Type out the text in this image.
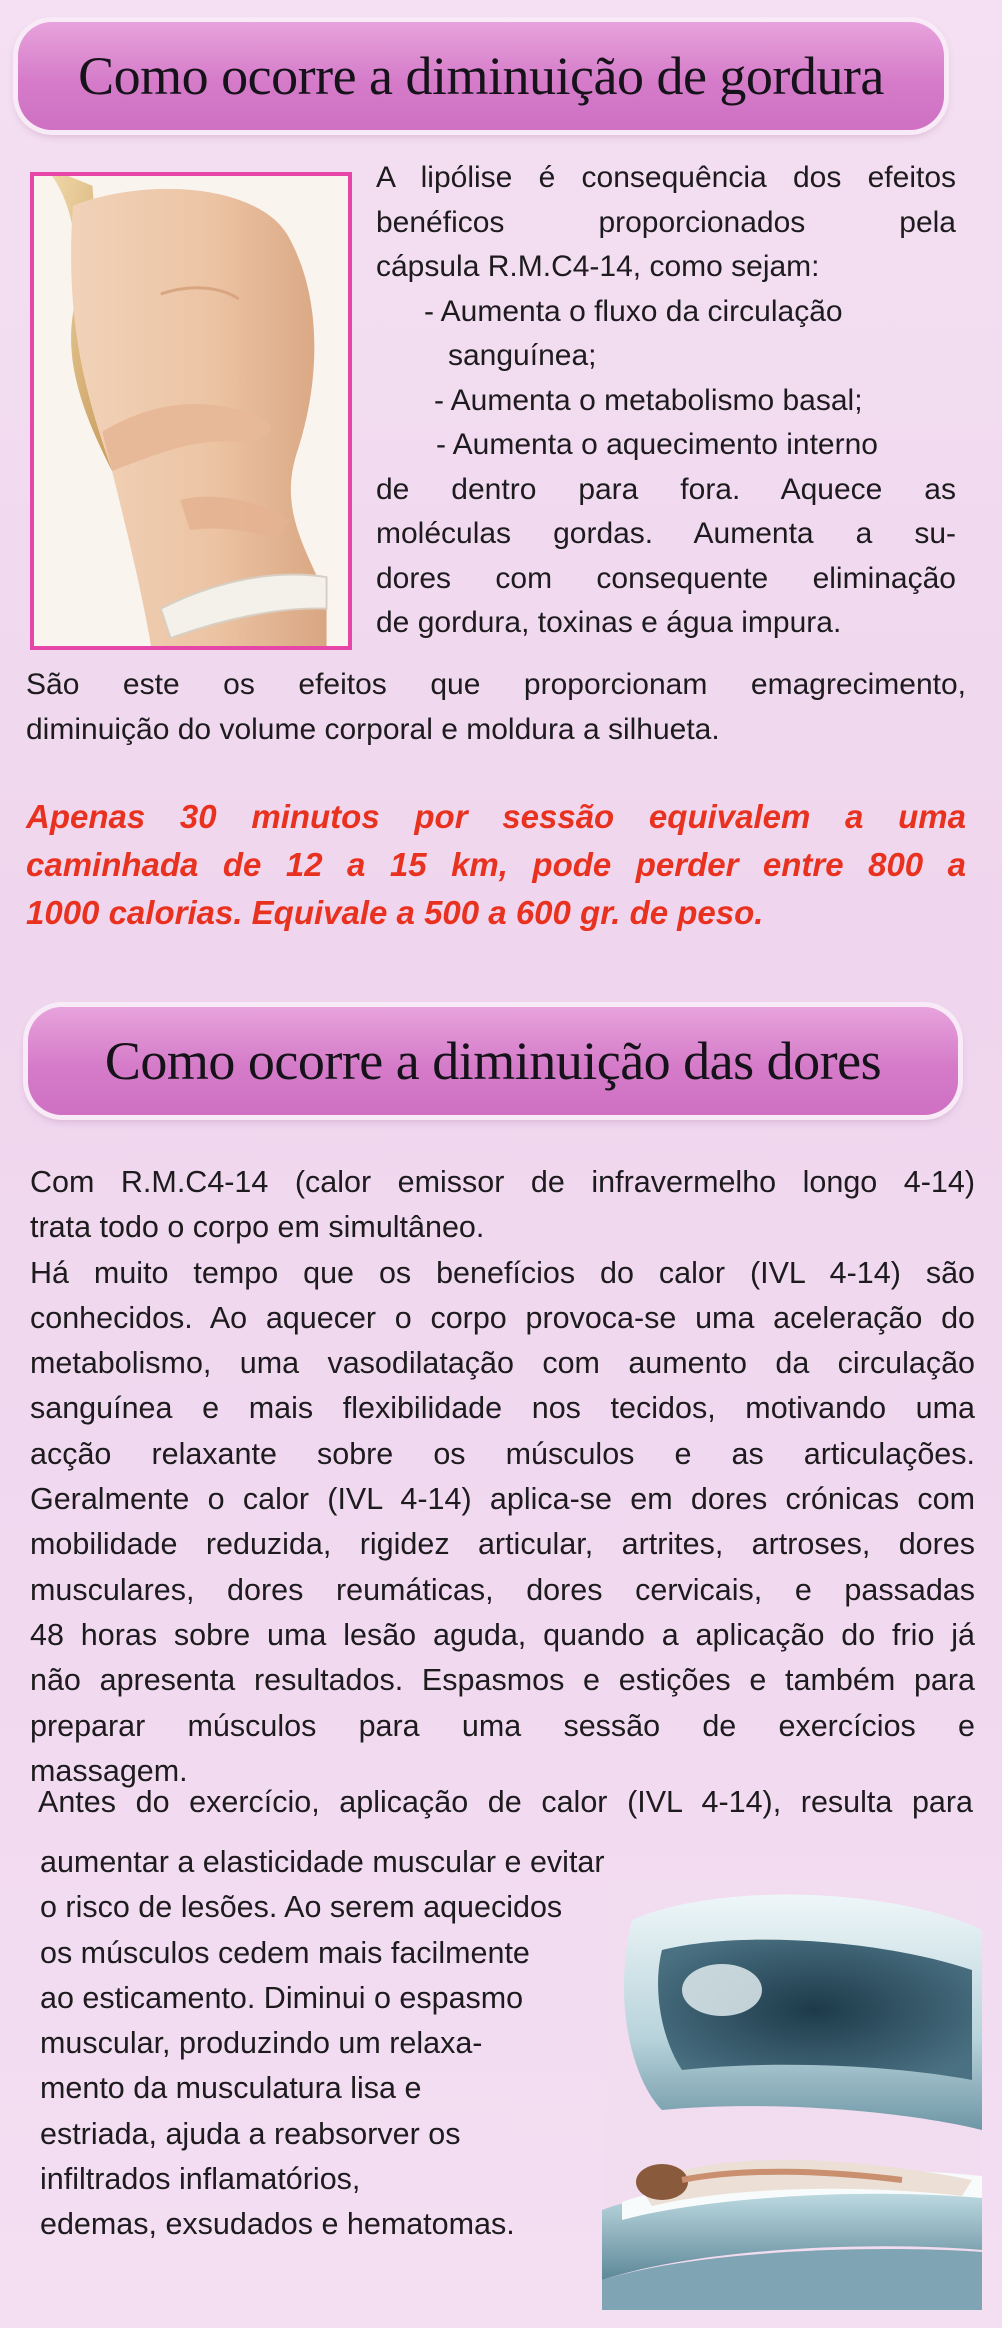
Como ocorre a diminuição de gordura
A lipólise é consequência dos efeitos
benéficos proporcionados pela
cápsula R.M.C4-14, como sejam:
- Aumenta o fluxo da circulação
sanguínea;
- Aumenta o metabolismo basal;
- Aumenta o aquecimento interno
de dentro para fora. Aquece as
moléculas gordas. Aumenta a su-
dores com consequente eliminação
de gordura, toxinas e água impura.
São este os efeitos que proporcionam emagrecimento,
diminuição do volume corporal e moldura a silhueta.
Apenas 30 minutos por sessão equivalem a uma
caminhada de 12 a 15 km, pode perder entre 800 a
1000 calorias. Equivale a 500 a 600 gr. de peso.
Como ocorre a diminuição das dores
Com R.M.C4-14 (calor emissor de infravermelho longo 4-14)
trata todo o corpo em simultâneo.
Há muito tempo que os benefícios do calor (IVL 4-14) são
conhecidos. Ao aquecer o corpo provoca-se uma aceleração do
metabolismo, uma vasodilatação com aumento da circulação
sanguínea e mais flexibilidade nos tecidos, motivando uma
acção relaxante sobre os músculos e as articulações.
Geralmente o calor (IVL 4-14) aplica-se em dores crónicas com
mobilidade reduzida, rigidez articular, artrites, artroses, dores
musculares, dores reumáticas, dores cervicais, e passadas
48 horas sobre uma lesão aguda, quando a aplicação do frio já
não apresenta resultados. Espasmos e estições e também para
preparar músculos para uma sessão de exercícios e
massagem.
Antes do exercício, aplicação de calor (IVL 4-14), resulta para
aumentar a elasticidade muscular e evitar
o risco de lesões. Ao serem aquecidos
os músculos cedem mais facilmente
ao esticamento. Diminui o espasmo
muscular, produzindo um relaxa-
mento da musculatura lisa e
estriada, ajuda a reabsorver os
infiltrados inflamatórios,
edemas, exsudados e hematomas.
